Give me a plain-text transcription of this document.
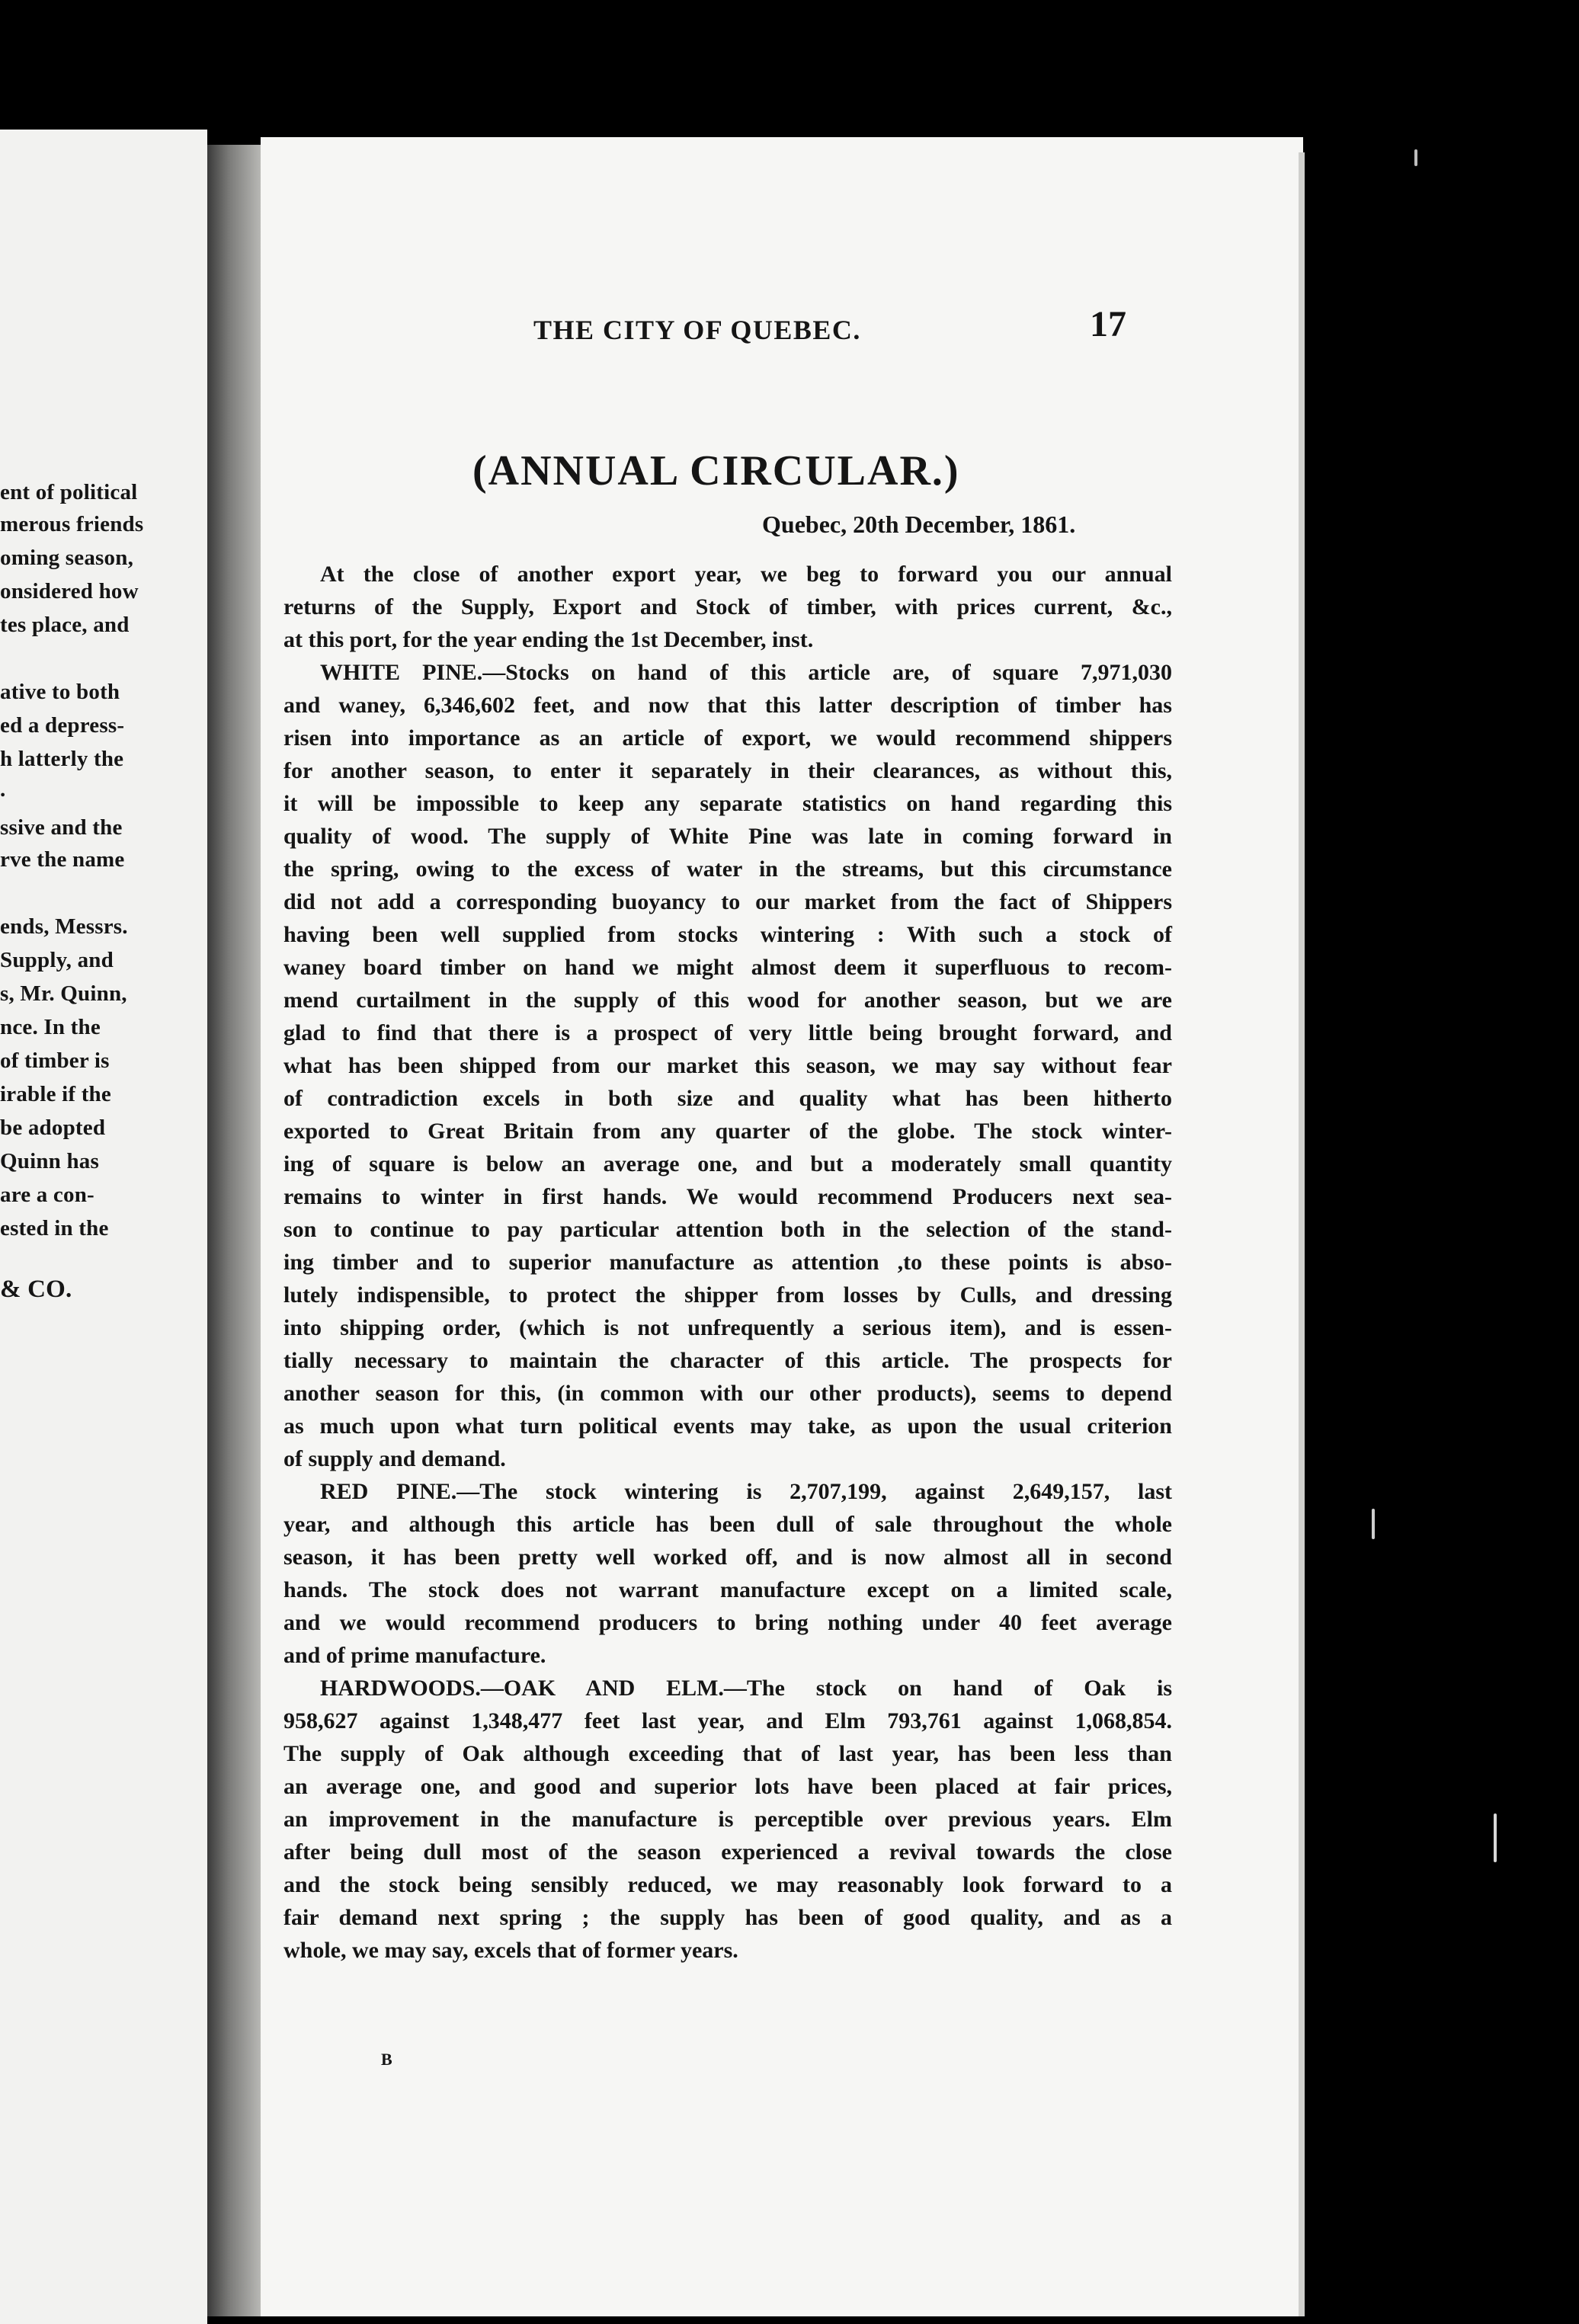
ent of political
merous friends
oming season,
onsidered how
tes place, and
ative to both
ed a depress-
h latterly the
.
ssive and the
rve the name
ends, Messrs.
Supply, and
s, Mr. Quinn,
nce. In the
of timber is
irable if the
be adopted
Quinn has
are a con-
ested in the
& CO.
THE CITY OF QUEBEC.	17
(ANNUAL CIRCULAR.)
Quebec, 20th December, 1861.
At the close of another export year, we beg to forward you our annual
returns of the Supply, Export and Stock of timber, with prices current, &c.,
at this port, for the year ending the 1st December, inst.
WHITE PINE.—Stocks on hand of this article are, of square 7,971,030
and waney, 6,346,602 feet, and now that this latter description of timber has
risen into importance as an article of export, we would recommend shippers
for another season, to enter it separately in their clearances, as without this,
it will be impossible to keep any separate statistics on hand regarding this
quality of wood. The supply of White Pine was late in coming forward in
the spring, owing to the excess of water in the streams, but this circumstance
did not add a corresponding buoyancy to our market from the fact of Shippers
having been well supplied from stocks wintering : With such a stock of
waney board timber on hand we might almost deem it superfluous to recom-
mend curtailment in the supply of this wood for another season, but we are
glad to find that there is a prospect of very little being brought forward, and
what has been shipped from our market this season, we may say without fear
of contradiction excels in both size and quality what has been hitherto
exported to Great Britain from any quarter of the globe. The stock winter-
ing of square is below an average one, and but a moderately small quantity
remains to winter in first hands. We would recommend Producers next sea-
son to continue to pay particular attention both in the selection of the stand-
ing timber and to superior manufacture as attention ,to these points is abso-
lutely indispensible, to protect the shipper from losses by Culls, and dressing
into shipping order, (which is not unfrequently a serious item), and is essen-
tially necessary to maintain the character of this article. The prospects for
another season for this, (in common with our other products), seems to depend
as much upon what turn political events may take, as upon the usual criterion
of supply and demand.
RED PINE.—The stock wintering is 2,707,199, against 2,649,157, last
year, and although this article has been dull of sale throughout the whole
season, it has been pretty well worked off, and is now almost all in second
hands. The stock does not warrant manufacture except on a limited scale,
and we would recommend producers to bring nothing under 40 feet average
and of prime manufacture.
HARDWOODS.—OAK AND ELM.—The stock on hand of Oak is
958,627 against 1,348,477 feet last year, and Elm 793,761 against 1,068,854.
The supply of Oak although exceeding that of last year, has been less than
an average one, and good and superior lots have been placed at fair prices,
an improvement in the manufacture is perceptible over previous years. Elm
after being dull most of the season experienced a revival towards the close
and the stock being sensibly reduced, we may reasonably look forward to a
fair demand next spring ; the supply has been of good quality, and as a
whole, we may say, excels that of former years.
B
